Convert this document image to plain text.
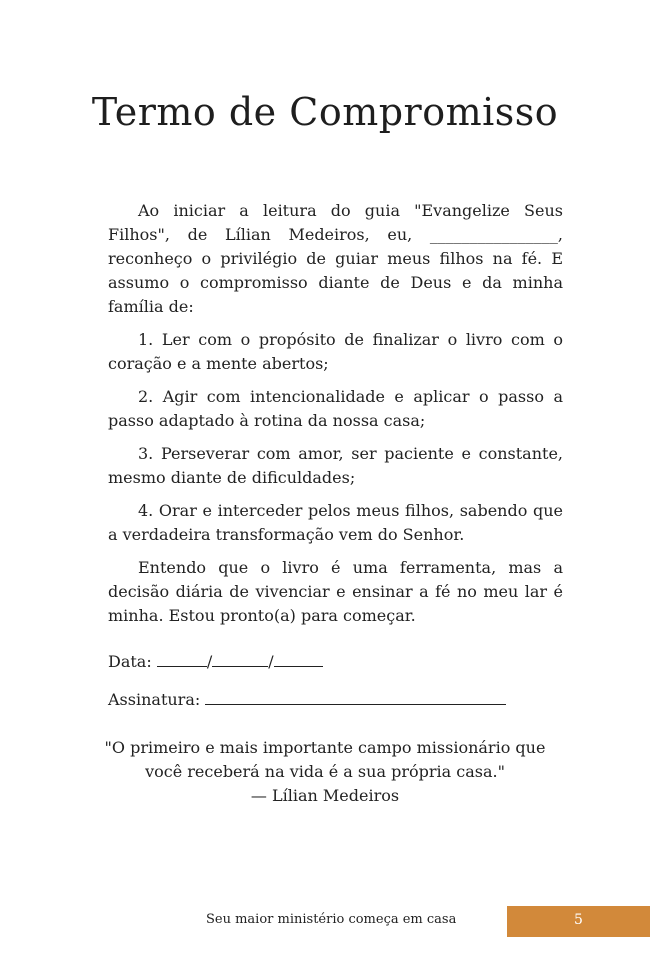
Termo de Compromisso

Ao iniciar a leitura do guia "Evangelize Seus Filhos", de Lílian Medeiros, eu, ________________, reconheço o privilégio de guiar meus filhos na fé. E assumo o compromisso diante de Deus e da minha família de:

1. Ler com o propósito de finalizar o livro com o coração e a mente abertos;

2. Agir com intencionalidade e aplicar o passo a passo adaptado à rotina da nossa casa;

3. Perseverar com amor, ser paciente e constante, mesmo diante de dificuldades;

4. Orar e interceder pelos meus filhos, sabendo que a verdadeira transformação vem do Senhor.

Entendo que o livro é uma ferramenta, mas a decisão diária de vivenciar e ensinar a fé no meu lar é minha. Estou pronto(a) para começar.

Data:	/	/
Assinatura:
"O primeiro e mais importante campo missionário que
você receberá na vida é a sua própria casa."
— Lílian Medeiros
Seu maior ministério começa em casa	5
